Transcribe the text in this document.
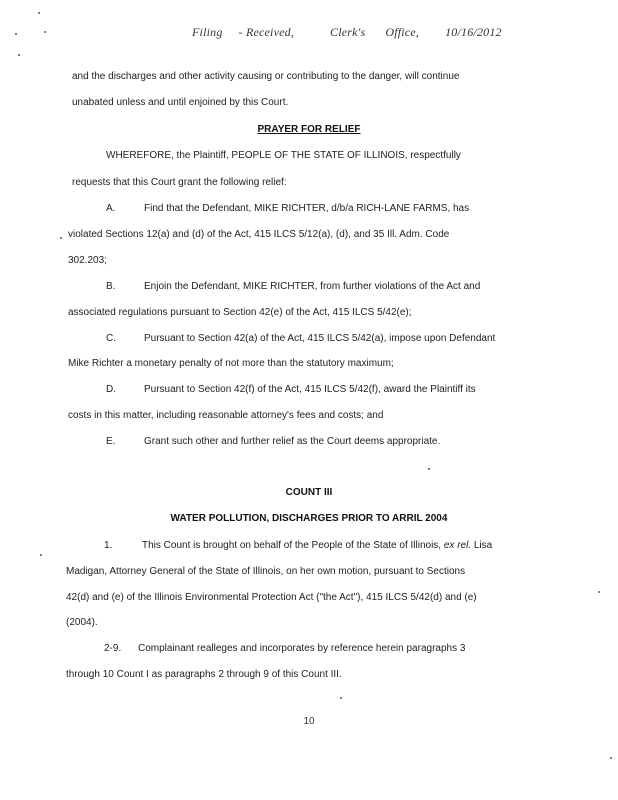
Filing - Received,	Clerk's Office, 10/16/2012
and the discharges and other activity causing or contributing to the danger, will continue
unabated unless and until enjoined by this Court.
PRAYER FOR RELIEF
WHEREFORE, the Plaintiff, PEOPLE OF THE STATE OF ILLINOIS, respectfully
requests that this Court grant the following relief:
A.	Find that the Defendant, MIKE RICHTER, d/b/a RICH-LANE FARMS, has
violated Sections 12(a) and (d) of the Act, 415 ILCS 5/12(a), (d), and 35 Ill. Adm. Code
302.203;
B.	Enjoin the Defendant, MIKE RICHTER, from further violations of the Act and
associated regulations pursuant to Section 42(e) of the Act, 415 ILCS 5/42(e);
C.	Pursuant to Section 42(a) of the Act, 415 ILCS 5/42(a), impose upon Defendant
Mike Richter a monetary penalty of not more than the statutory maximum;
D.	Pursuant to Section 42(f) of the Act, 415 ILCS 5/42(f), award the Plaintiff its
costs in this matter, including reasonable attorney's fees and costs; and
E.	Grant such other and further relief as the Court deems appropriate.
COUNT III
WATER POLLUTION, DISCHARGES PRIOR TO ARRIL 2004
1.	This Count is brought on behalf of the People of the State of Illinois, ex rel. Lisa
Madigan, Attorney General of the State of Illinois, on her own motion, pursuant to Sections
42(d) and (e) of the Illinois Environmental Protection Act ("the Act"), 415 ILCS 5/42(d) and (e)
(2004).
2-9. Complainant realleges and incorporates by reference herein paragraphs 3
through 10 Count I as paragraphs 2 through 9 of this Count III.
10
